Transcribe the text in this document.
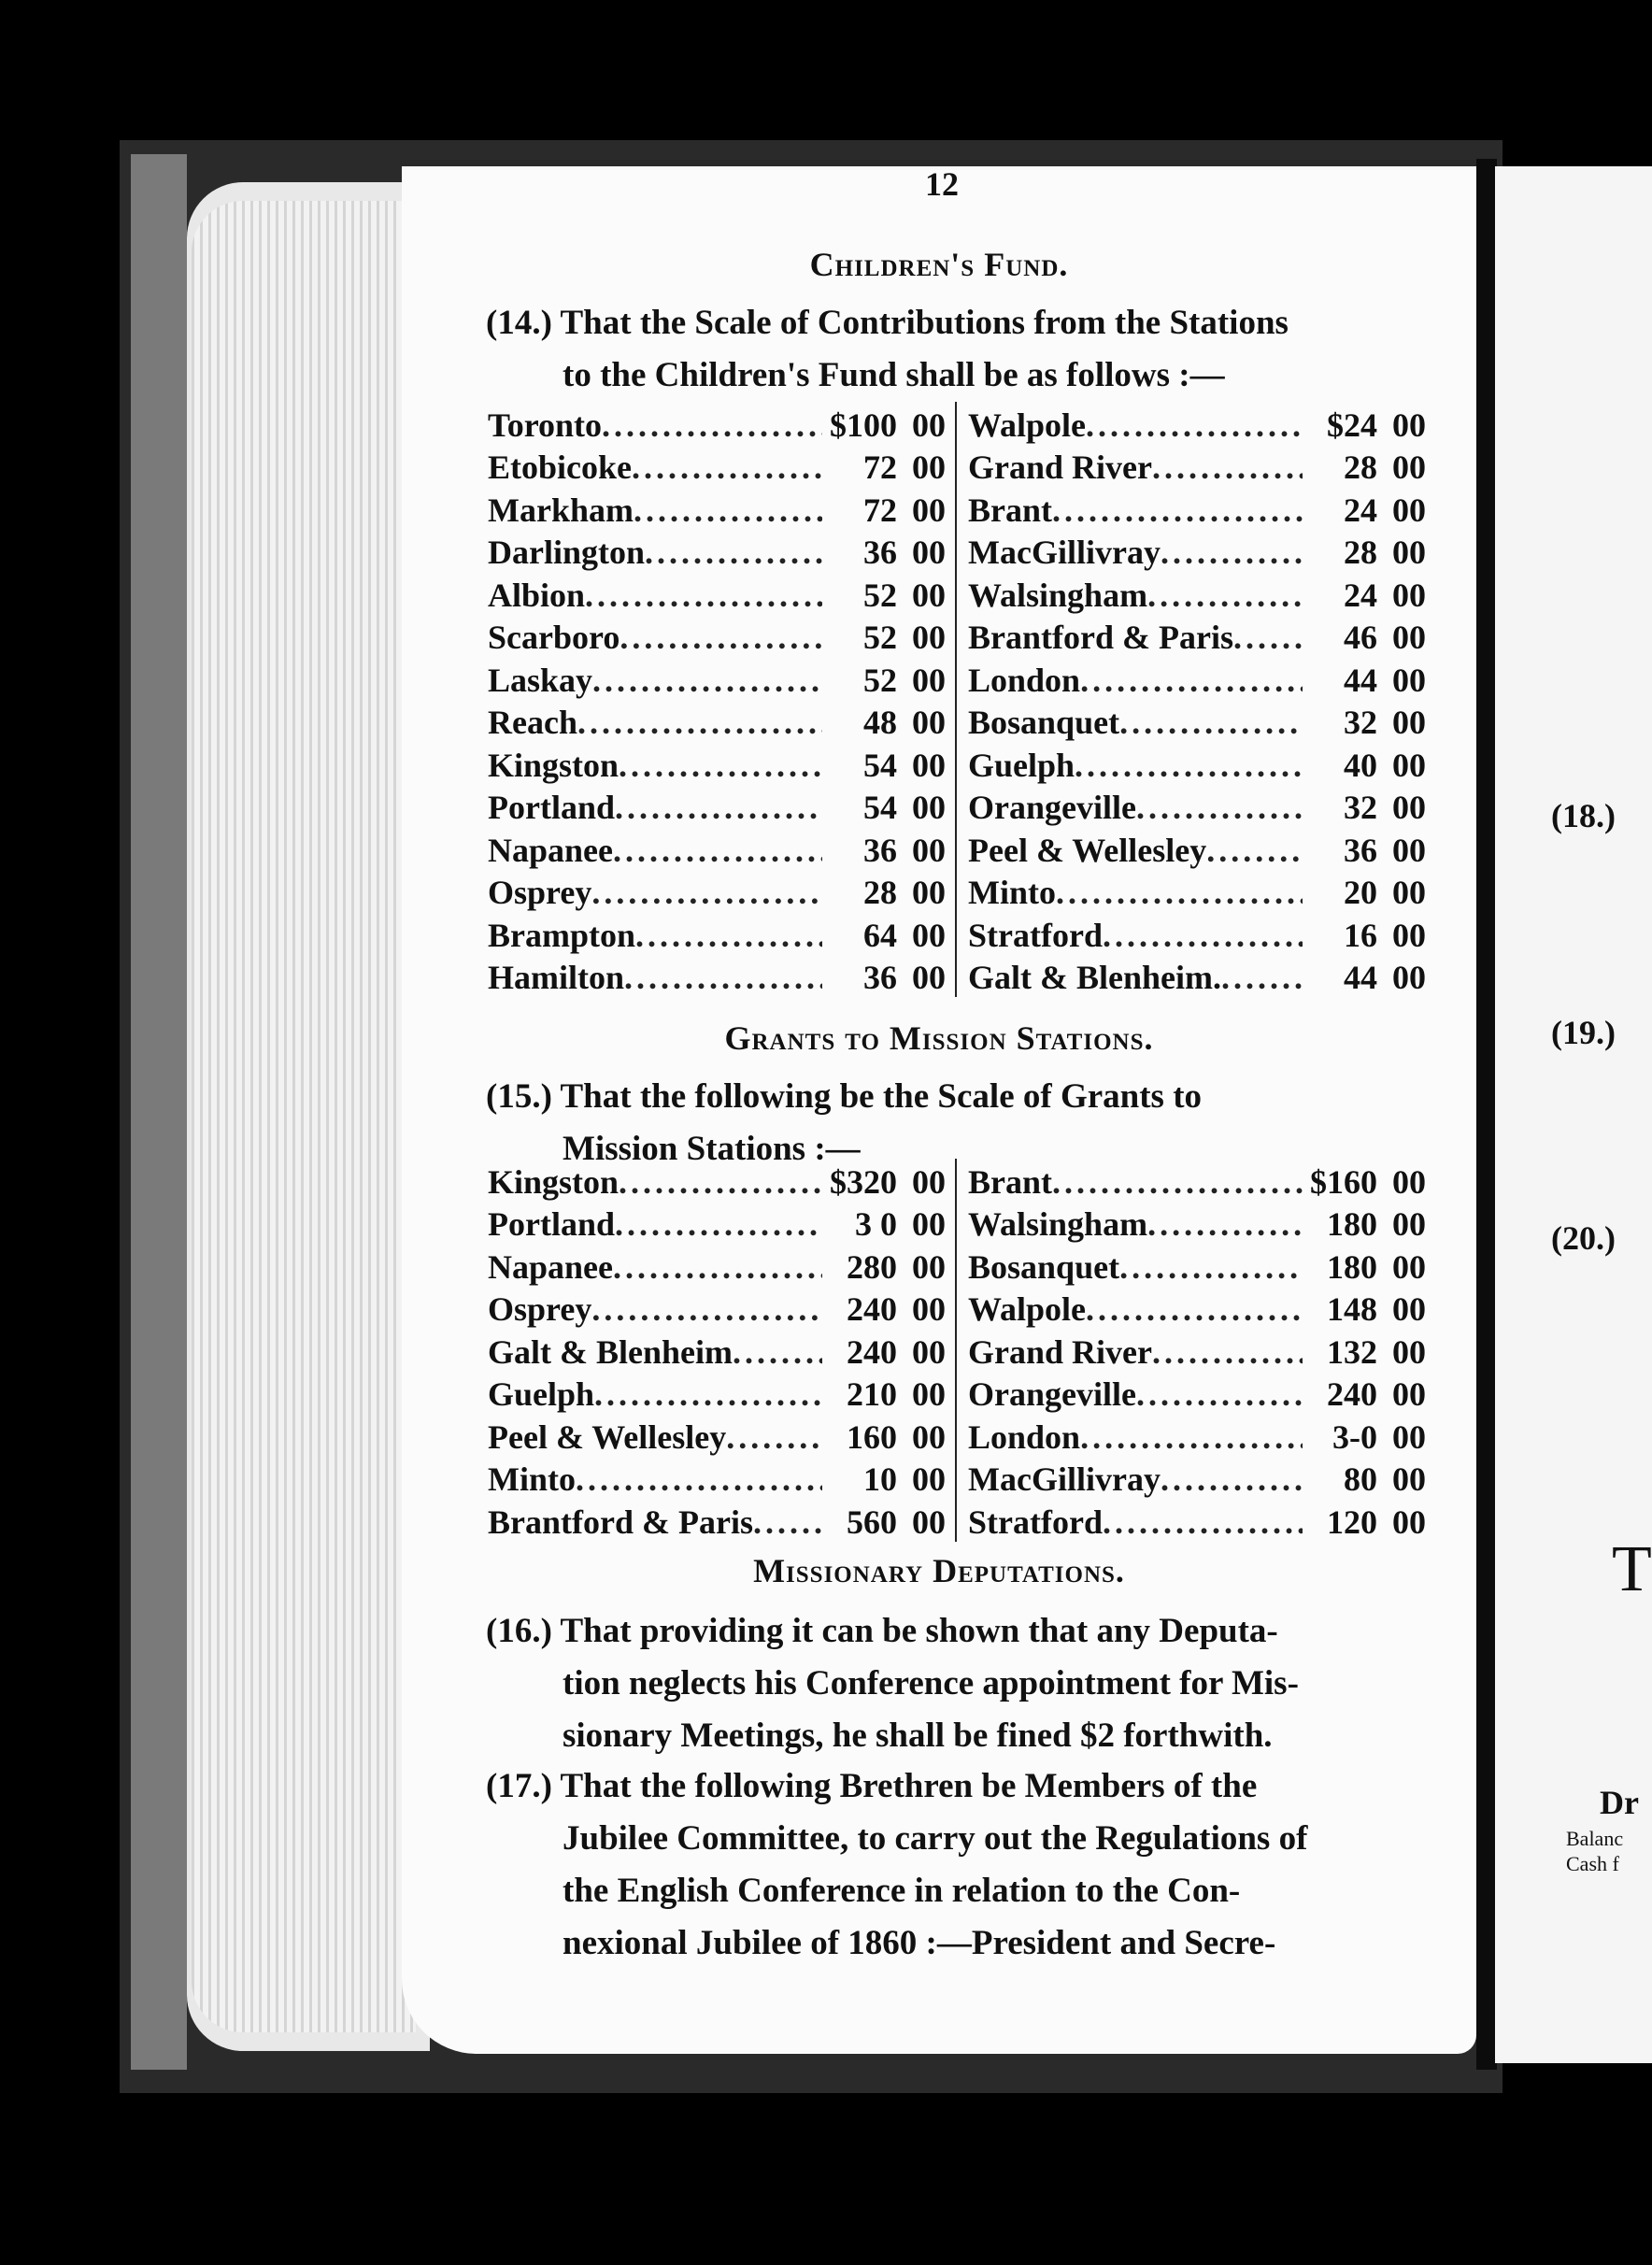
12
Children's Fund.
(14.) That the Scale of Contributions from the Stations
to the Children's Fund shall be as follows :—
Toronto .....	$100 00
Etobicoke .....	72 00
Markham .....	72 00
Darlington .....	36 00
Albion .....	52 00
Scarboro .....	52 00
Laskay .....	52 00
Reach .....	48 00
Kingston .....	54 00
Portland .....	54 00
Napanee .....	36 00
Osprey .....	28 00
Brampton .....	64 00
Hamilton .....	36 00
Walpole .....	$24 00
Grand River .....	28 00
Brant .....	24 00
MacGillivray .....	28 00
Walsingham .....	24 00
Brantford & Paris .....	46 00
London .....	44 00
Bosanquet .....	32 00
Guelph .....	40 00
Orangeville .....	32 00
Peel & Wellesley .....	36 00
Minto .....	20 00
Stratford .....	16 00
Galt & Blenheim. .....	44 00
Grants to Mission Stations.
(15.) That the following be the Scale of Grants to
Mission Stations :—
Kingston .....	$320 00
Portland .....	3 0 00
Napanee .....	280 00
Osprey .....	240 00
Galt & Blenheim .....	240 00
Guelph .....	210 00
Peel & Wellesley .....	160 00
Minto .....	10 00
Brantford & Paris .....	560 00
Brant .....	$160 00
Walsingham .....	180 00
Bosanquet .....	180 00
Walpole .....	148 00
Grand River .....	132 00
Orangeville .....	240 00
London .....	3-0 00
MacGillivray .....	80 00
Stratford .....	120 00
Missionary Deputations.
(16.) That providing it can be shown that any Deputa-
tion neglects his Conference appointment for Mis-
sionary Meetings, he shall be fined $2 forthwith.
(17.) That the following Brethren be Members of the
Jubilee Committee, to carry out the Regulations of
the English Conference in relation to the Con-
nexional Jubilee of 1860 :—President and Secre-
(18.)
(19.)
(20.)
T
Dr
Balanc
Cash f
